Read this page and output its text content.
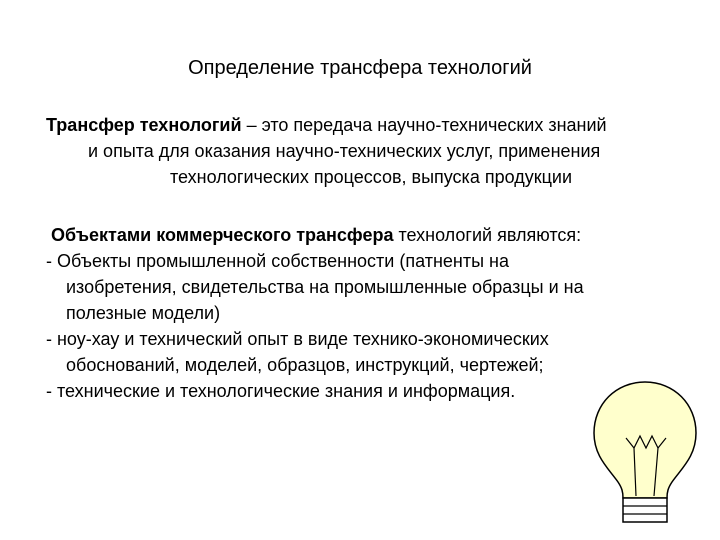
Определение трансфера технологий
Трансфер технологий – это передача научно-технических знаний
и опыта для оказания научно-технических услуг, применения
технологических процессов, выпуска продукции
Объектами коммерческого трансфера технологий являются:
- Объекты промышленной собственности (патненты на
изобретения, свидетельства на промышленные образцы и на
полезные модели)
- ноу-хау и технический опыт в виде технико-экономических
обоснований, моделей, образцов, инструкций, чертежей;
- технические и технологические знания и информация.
